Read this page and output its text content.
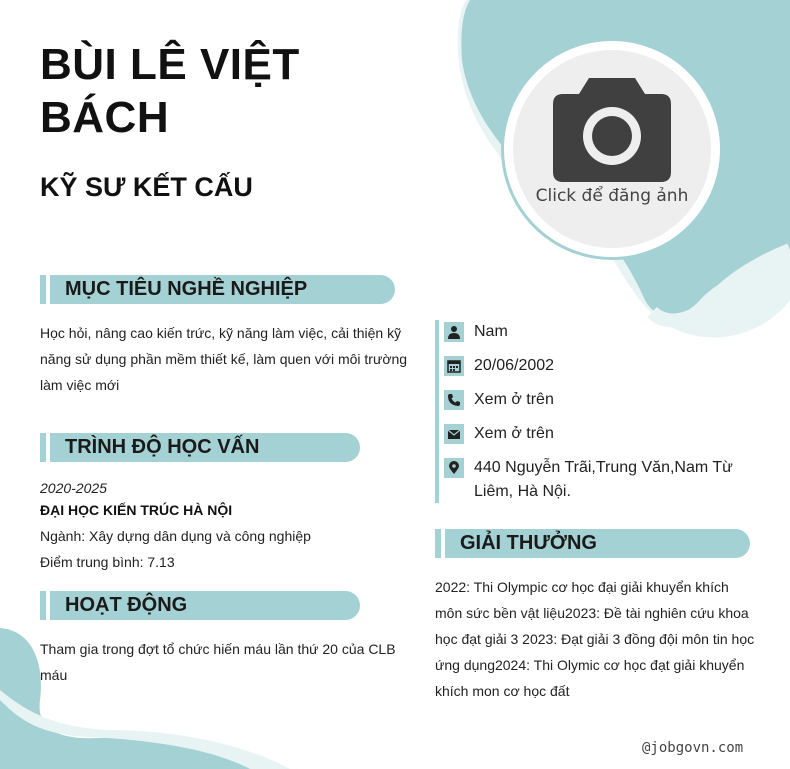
BÙI LÊ VIỆT BÁCH
KỸ SƯ KẾT CẤU	Click để đăng ảnh
MỤC TIÊU NGHỀ NGHIỆP
Học hỏi, nâng cao kiến trức, kỹ năng làm việc, cải thiện kỹ năng sử dụng phần mềm thiết kế, làm quen với môi trường làm việc mới
TRÌNH ĐỘ HỌC VẤN
2020-2025
ĐẠI HỌC KIẾN TRÚC HÀ NỘI
Ngành: Xây dựng dân dụng và công nghiệp
Điểm trung bình: 7.13
HOẠT ĐỘNG
Tham gia trong đợt tổ chức hiến máu lần thứ 20 của CLB máu
Nam
20/06/2002
Xem ở trên
Xem ở trên
440 Nguyễn Trãi,Trung Văn,Nam Từ Liêm, Hà Nội.
GIẢI THƯỞNG
2022: Thi Olympic cơ học đại giải khuyển khích môn sức bền vật liệu2023: Đề tài nghiên cứu khoa học đạt giải 3 2023: Đạt giải 3 đồng đội môn tin học ứng dụng2024: Thi Olymic cơ học đạt giải khuyển khích mon cơ học đất
@jobgovn.com
